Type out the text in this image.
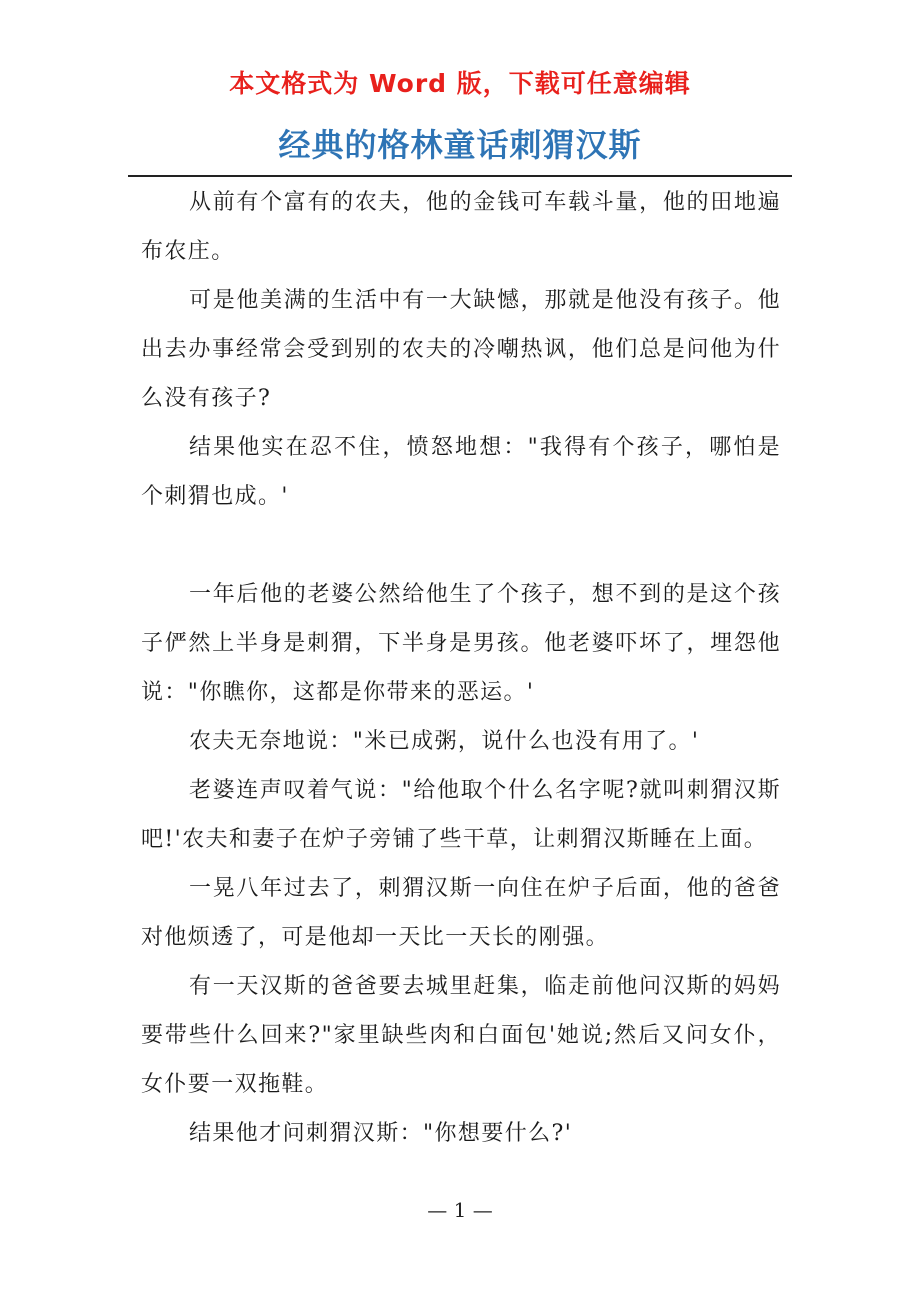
本文格式为 Word 版，下载可任意编辑
经典的格林童话刺猬汉斯

从前有个富有的农夫，他的金钱可车载斗量，他的田地遍布农庄。

可是他美满的生活中有一大缺憾，那就是他没有孩子。他出去办事经常会受到别的农夫的冷嘲热讽，他们总是问他为什么没有孩子?

结果他实在忍不住，愤怒地想："我得有个孩子，哪怕是个刺猬也成。'

一年后他的老婆公然给他生了个孩子，想不到的是这个孩子俨然上半身是刺猬，下半身是男孩。他老婆吓坏了，埋怨他说："你瞧你，这都是你带来的恶运。'

农夫无奈地说："米已成粥，说什么也没有用了。'

老婆连声叹着气说："给他取个什么名字呢?就叫刺猬汉斯吧!'农夫和妻子在炉子旁铺了些干草，让刺猬汉斯睡在上面。

一晃八年过去了，刺猬汉斯一向住在炉子后面，他的爸爸对他烦透了，可是他却一天比一天长的刚强。

有一天汉斯的爸爸要去城里赶集，临走前他问汉斯的妈妈要带些什么回来?"家里缺些肉和白面包'她说;然后又问女仆，女仆要一双拖鞋。

结果他才问刺猬汉斯："你想要什么?'

— 1 —
